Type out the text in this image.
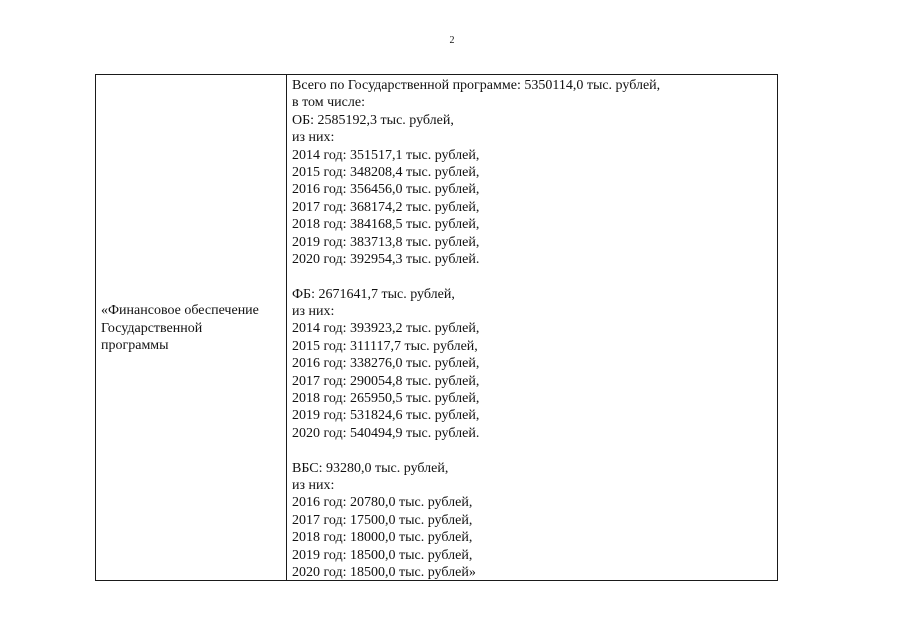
2
«Финансовое обеспечение
Государственной
программы
Всего по Государственной программе: 5350114,0 тыс. рублей,
в том числе:
ОБ: 2585192,3 тыс. рублей,
из них:
2014 год: 351517,1 тыс. рублей,
2015 год: 348208,4 тыс. рублей,
2016 год: 356456,0 тыс. рублей,
2017 год: 368174,2 тыс. рублей,
2018 год: 384168,5 тыс. рублей,
2019 год: 383713,8 тыс. рублей,
2020 год: 392954,3 тыс. рублей.
ФБ: 2671641,7 тыс. рублей,
из них:
2014 год: 393923,2 тыс. рублей,
2015 год: 311117,7 тыс. рублей,
2016 год: 338276,0 тыс. рублей,
2017 год: 290054,8 тыс. рублей,
2018 год: 265950,5 тыс. рублей,
2019 год: 531824,6 тыс. рублей,
2020 год: 540494,9 тыс. рублей.
ВБС: 93280,0 тыс. рублей,
из них:
2016 год: 20780,0 тыс. рублей,
2017 год: 17500,0 тыс. рублей,
2018 год: 18000,0 тыс. рублей,
2019 год: 18500,0 тыс. рублей,
2020 год: 18500,0 тыс. рублей»
